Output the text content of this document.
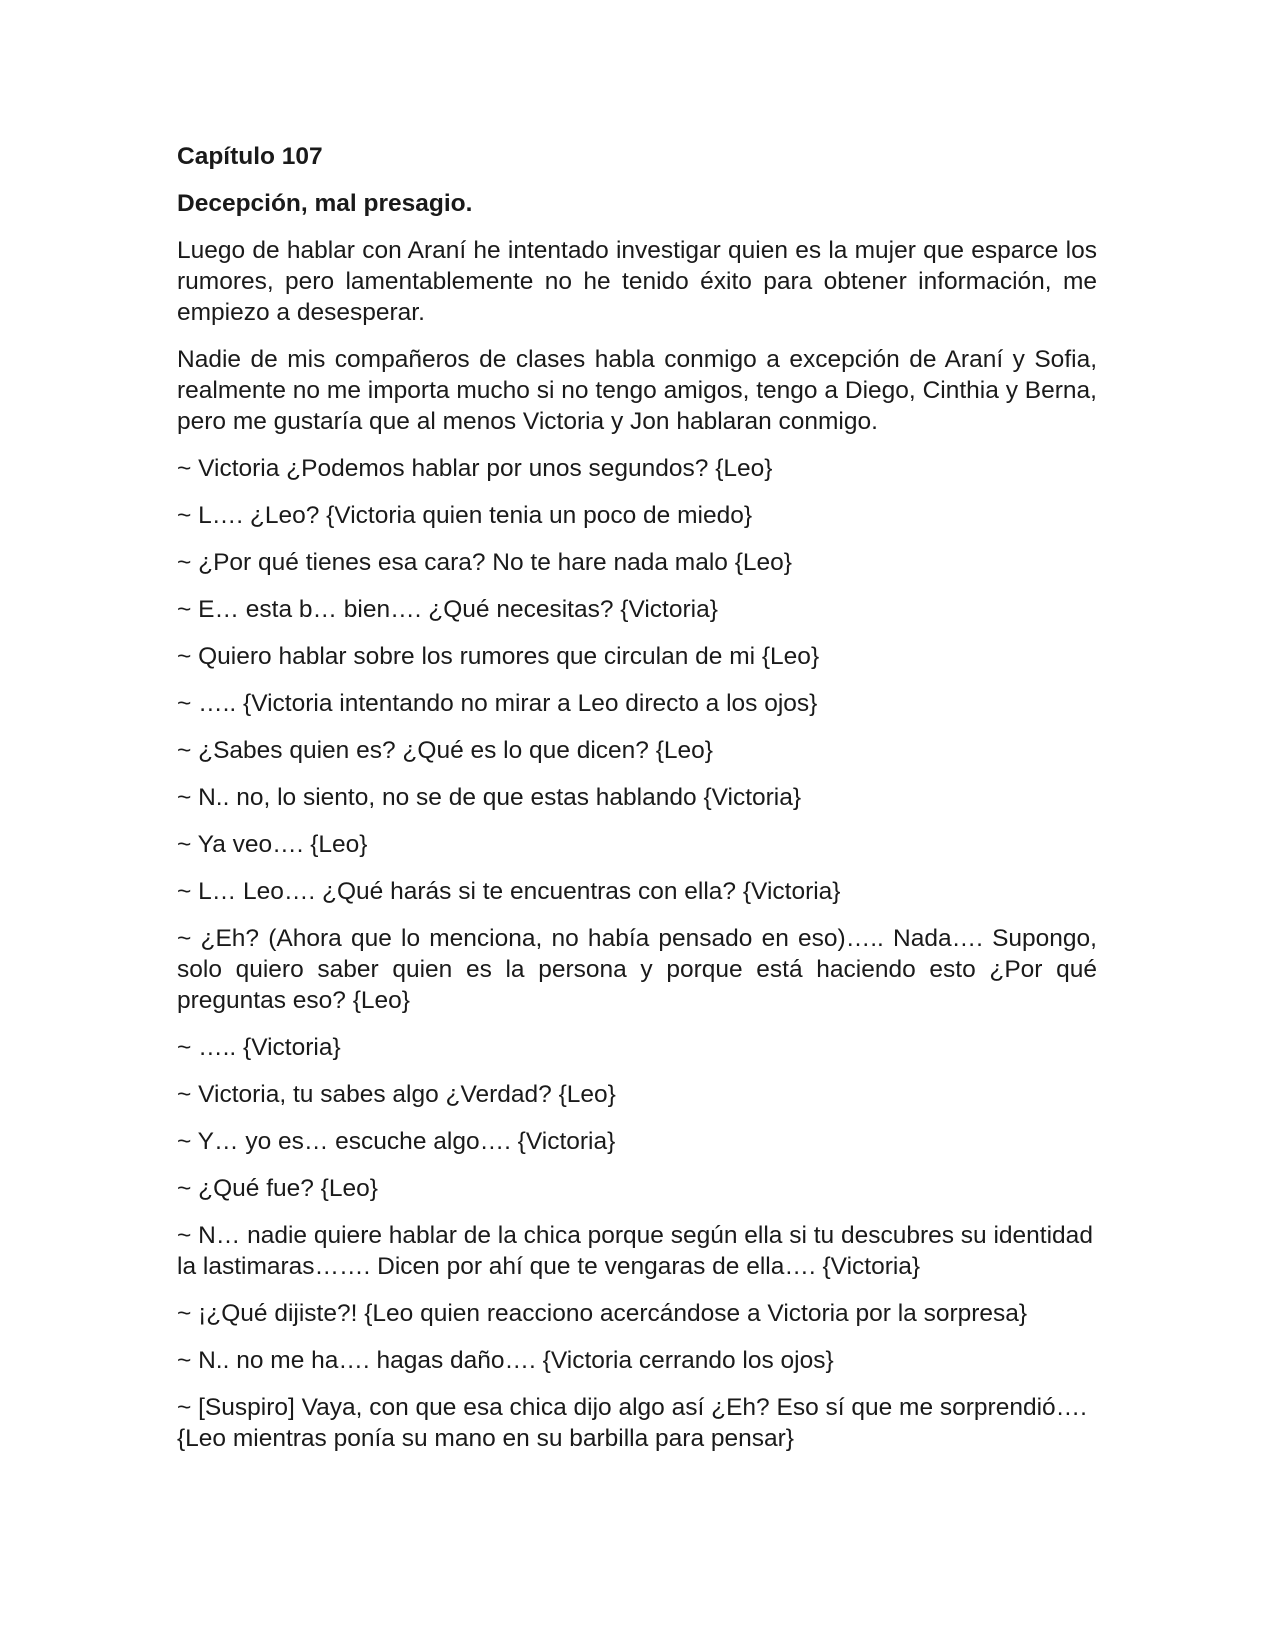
Capítulo 107
Decepción, mal presagio.
Luego de hablar con Araní he intentado investigar quien es la mujer que esparce los rumores, pero lamentablemente no he tenido éxito para obtener información, me empiezo a desesperar.
Nadie de mis compañeros de clases habla conmigo a excepción de Araní y Sofia, realmente no me importa mucho si no tengo amigos, tengo a Diego, Cinthia y Berna, pero me gustaría que al menos Victoria y Jon hablaran conmigo.
~ Victoria ¿Podemos hablar por unos segundos? {Leo}
~ L…. ¿Leo? {Victoria quien tenia un poco de miedo}
~ ¿Por qué tienes esa cara? No te hare nada malo {Leo}
~ E… esta b… bien…. ¿Qué necesitas? {Victoria}
~ Quiero hablar sobre los rumores que circulan de mi {Leo}
~ ….. {Victoria intentando no mirar a Leo directo a los ojos}
~ ¿Sabes quien es? ¿Qué es lo que dicen? {Leo}
~ N.. no, lo siento, no se de que estas hablando {Victoria}
~ Ya veo…. {Leo}
~ L… Leo…. ¿Qué harás si te encuentras con ella? {Victoria}
~ ¿Eh? (Ahora que lo menciona, no había pensado en eso)….. Nada…. Supongo, solo quiero saber quien es la persona y porque está haciendo esto ¿Por qué preguntas eso? {Leo}
~ ….. {Victoria}
~ Victoria, tu sabes algo ¿Verdad? {Leo}
~ Y… yo es… escuche algo…. {Victoria}
~ ¿Qué fue? {Leo}
~ N… nadie quiere hablar de la chica porque según ella si tu descubres su identidad la lastimaras……. Dicen por ahí que te vengaras de ella…. {Victoria}
~ ¡¿Qué dijiste?! {Leo quien reacciono acercándose a Victoria por la sorpresa}
~ N.. no me ha…. hagas daño…. {Victoria cerrando los ojos}
~ [Suspiro] Vaya, con que esa chica dijo algo así ¿Eh? Eso sí que me sorprendió…. {Leo mientras ponía su mano en su barbilla para pensar}
